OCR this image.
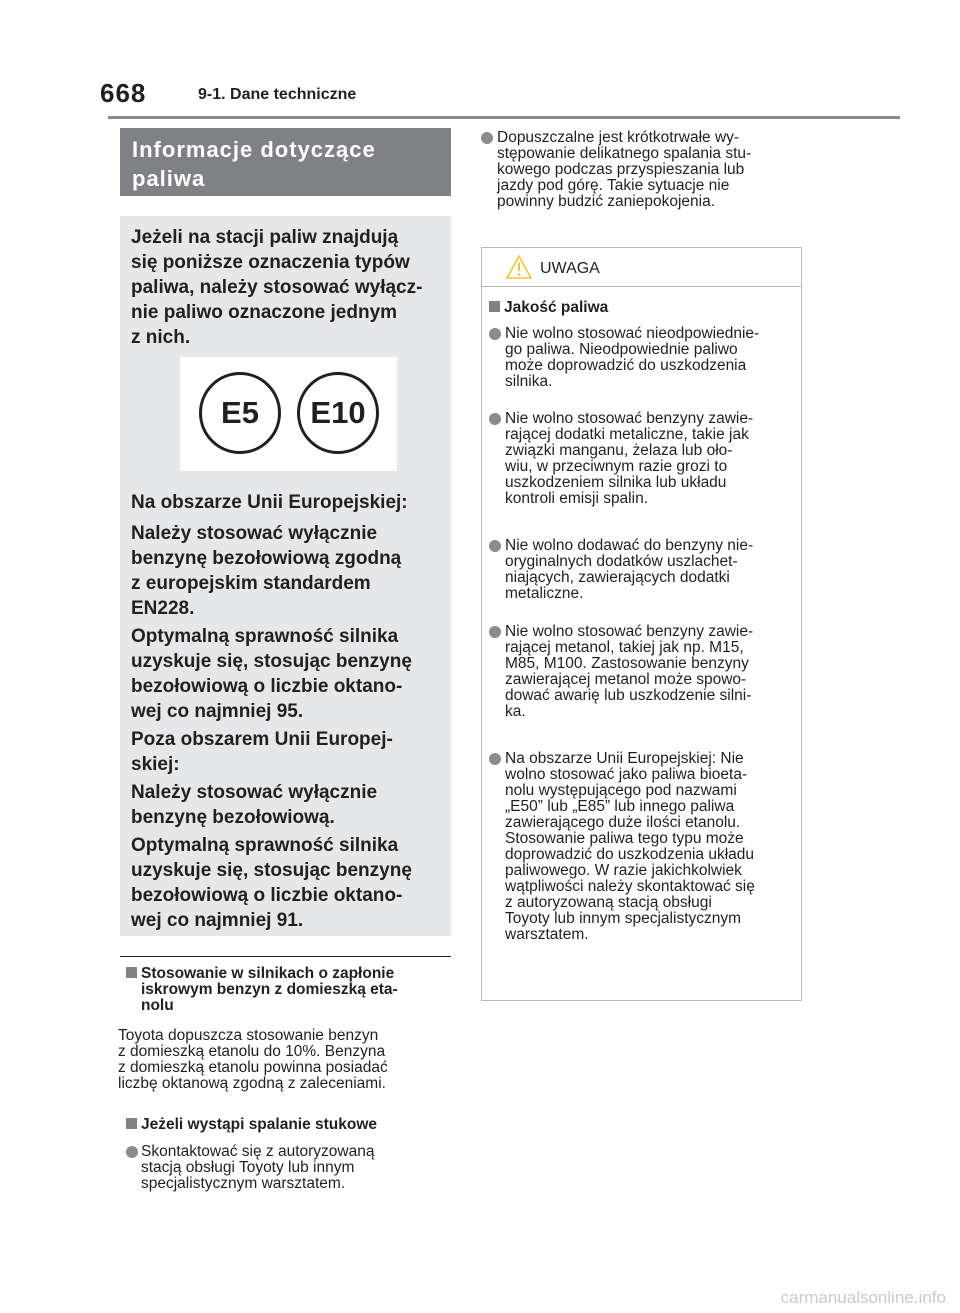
668	9-1. Dane techniczne
Informacje dotyczące
paliwa
Jeżeli na stacji paliw znajdują
się poniższe oznaczenia typów
paliwa, należy stosować wyłącz-
nie paliwo oznaczone jednym
z nich.
E5	E10
Na obszarze Unii Europejskiej:
Należy stosować wyłącznie
benzynę bezołowiową zgodną
z europejskim standardem
EN228.
Optymalną sprawność silnika
uzyskuje się, stosując benzynę
bezołowiową o liczbie oktano-
wej co najmniej 95.
Poza obszarem Unii Europej-
skiej:
Należy stosować wyłącznie
benzynę bezołowiową.
Optymalną sprawność silnika
uzyskuje się, stosując benzynę
bezołowiową o liczbie oktano-
wej co najmniej 91.
Stosowanie w silnikach o zapłonie
iskrowym benzyn z domieszką eta-
nolu
Toyota dopuszcza stosowanie benzyn
z domieszką etanolu do 10%. Benzyna
z domieszką etanolu powinna posiadać
liczbę oktanową zgodną z zaleceniami.
Jeżeli wystąpi spalanie stukowe
Skontaktować się z autoryzowaną
stacją obsługi Toyoty lub innym
specjalistycznym warsztatem.
Dopuszczalne jest krótkotrwałe wy-
stępowanie delikatnego spalania stu-
kowego podczas przyspieszania lub
jazdy pod górę. Takie sytuacje nie
powinny budzić zaniepokojenia.
UWAGA
Jakość paliwa
Nie wolno stosować nieodpowiednie-
go paliwa. Nieodpowiednie paliwo
może doprowadzić do uszkodzenia
silnika.
Nie wolno stosować benzyny zawie-
rającej dodatki metaliczne, takie jak
związki manganu, żelaza lub oło-
wiu, w przeciwnym razie grozi to
uszkodzeniem silnika lub układu
kontroli emisji spalin.
Nie wolno dodawać do benzyny nie-
oryginalnych dodatków uszlachet-
niających, zawierających dodatki
metaliczne.
Nie wolno stosować benzyny zawie-
rającej metanol, takiej jak np. M15,
M85, M100. Zastosowanie benzyny
zawierającej metanol może spowo-
dować awarię lub uszkodzenie silni-
ka.
Na obszarze Unii Europejskiej: Nie
wolno stosować jako paliwa bioeta-
nolu występującego pod nazwami
„E50” lub „E85” lub innego paliwa
zawierającego duże ilości etanolu.
Stosowanie paliwa tego typu może
doprowadzić do uszkodzenia układu
paliwowego. W razie jakichkolwiek
wątpliwości należy skontaktować się
z autoryzowaną stacją obsługi
Toyoty lub innym specjalistycznym
warsztatem.
carmanualsonline.info
